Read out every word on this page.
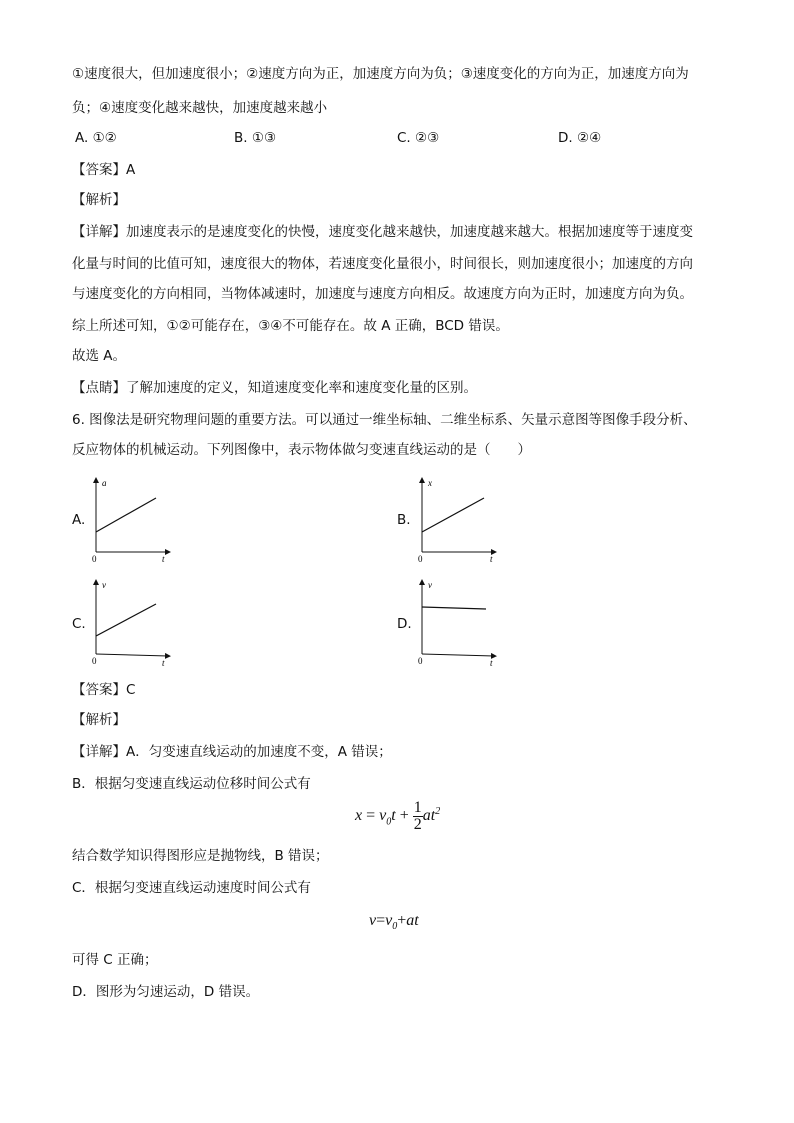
①速度很大，但加速度很小；②速度方向为正，加速度方向为负；③速度变化的方向为正，加速度方向为
负；④速度变化越来越快，加速度越来越小
A. ①②	B. ①③	C. ②③	D. ②④
【答案】A
【解析】
【详解】加速度表示的是速度变化的快慢，速度变化越来越快，加速度越来越大。根据加速度等于速度变
化量与时间的比值可知，速度很大的物体，若速度变化量很小，时间很长，则加速度很小；加速度的方向
与速度变化的方向相同，当物体减速时，加速度与速度方向相反。故速度方向为正时，加速度方向为负。
综上所述可知，①②可能存在，③④不可能存在。故 A 正确，BCD 错误。
故选 A。
【点睛】了解加速度的定义，知道速度变化率和速度变化量的区别。
6. 图像法是研究物理问题的重要方法。可以通过一维坐标轴、二维坐标系、矢量示意图等图像手段分析、
反应物体的机械运动。下列图像中，表示物体做匀变速直线运动的是（　　）
A.
a
t
0
B.
x
t
0
C.
v
t
0
D.
v
t
0
【答案】C
【解析】
【详解】A．匀变速直线运动的加速度不变，A 错误；
B．根据匀变速直线运动位移时间公式有
$x = v_0t + \frac{1}{2} at^2$
结合数学知识得图形应是抛物线，B 错误；
C．根据匀变速直线运动速度时间公式有
$v=v_0+at$
可得 C 正确；
D．图形为匀速运动，D 错误。
